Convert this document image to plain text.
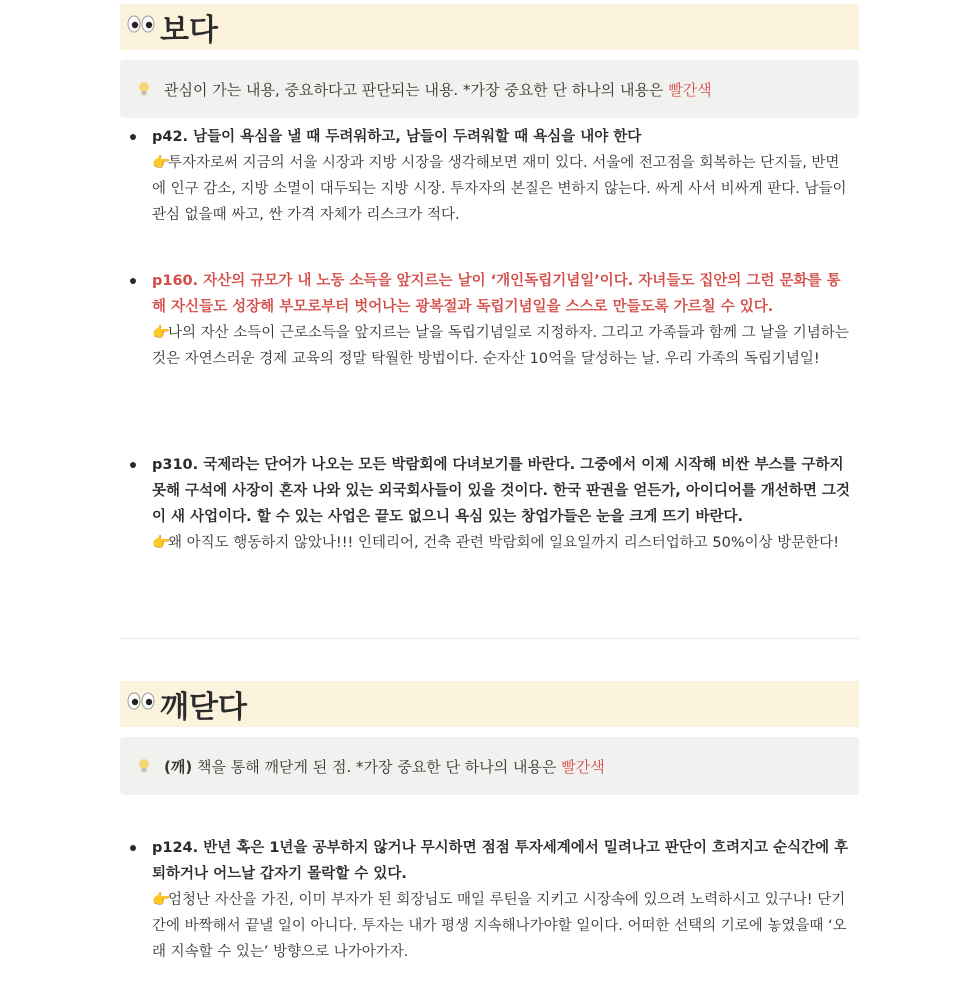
보다
관심이 가는 내용, 중요하다고 판단되는 내용. *가장 중요한 단 하나의 내용은 빨간색
p42. 남들이 욕심을 낼 때 두려워하고, 남들이 두려워할 때 욕심을 내야 한다
👉투자자로써 지금의 서울 시장과 지방 시장을 생각해보면 재미 있다. 서울에 전고점을 회복하는 단지들, 반면에 인구 감소, 지방 소멸이 대두되는 지방 시장. 투자자의 본질은 변하지 않는다. 싸게 사서 비싸게 판다. 남들이 관심 없을때 싸고, 싼 가격 자체가 리스크가 적다.
p160. 자산의 규모가 내 노동 소득을 앞지르는 날이 ‘개인독립기념일’이다. 자녀들도 집안의 그런 문화를 통해 자신들도 성장해 부모로부터 벗어나는 광복절과 독립기념일을 스스로 만들도록 가르칠 수 있다.
👉나의 자산 소득이 근로소득을 앞지르는 날을 독립기념일로 지정하자. 그리고 가족들과 함께 그 날을 기념하는 것은 자연스러운 경제 교육의 정말 탁월한 방법이다. 순자산 10억을 달성하는 날. 우리 가족의 독립기념일!
p310. 국제라는 단어가 나오는 모든 박람회에 다녀보기를 바란다. 그중에서 이제 시작해 비싼 부스를 구하지 못해 구석에 사장이 혼자 나와 있는 외국회사들이 있을 것이다. 한국 판권을 얻든가, 아이디어를 개선하면 그것이 새 사업이다. 할 수 있는 사업은 끝도 없으니 욕심 있는 창업가들은 눈을 크게 뜨기 바란다.
👉왜 아직도 행동하지 않았나!!! 인테리어, 건축 관련 박람회에 일요일까지 리스터업하고 50%이상 방문한다!
깨닫다
(깨) 책을 통해 깨닫게 된 점. *가장 중요한 단 하나의 내용은 빨간색
p124. 반년 혹은 1년을 공부하지 않거나 무시하면 점점 투자세계에서 밀려나고 판단이 흐려지고 순식간에 후퇴하거나 어느날 갑자기 몰락할 수 있다.
👉엄청난 자산을 가진, 이미 부자가 된 회장님도 매일 루틴을 지키고 시장속에 있으려 노력하시고 있구나! 단기간에 바짝해서 끝낼 일이 아니다. 투자는 내가 평생 지속해나가야할 일이다. 어떠한 선택의 기로에 놓였을때 ‘오래 지속할 수 있는’ 방향으로 나가아가자.
